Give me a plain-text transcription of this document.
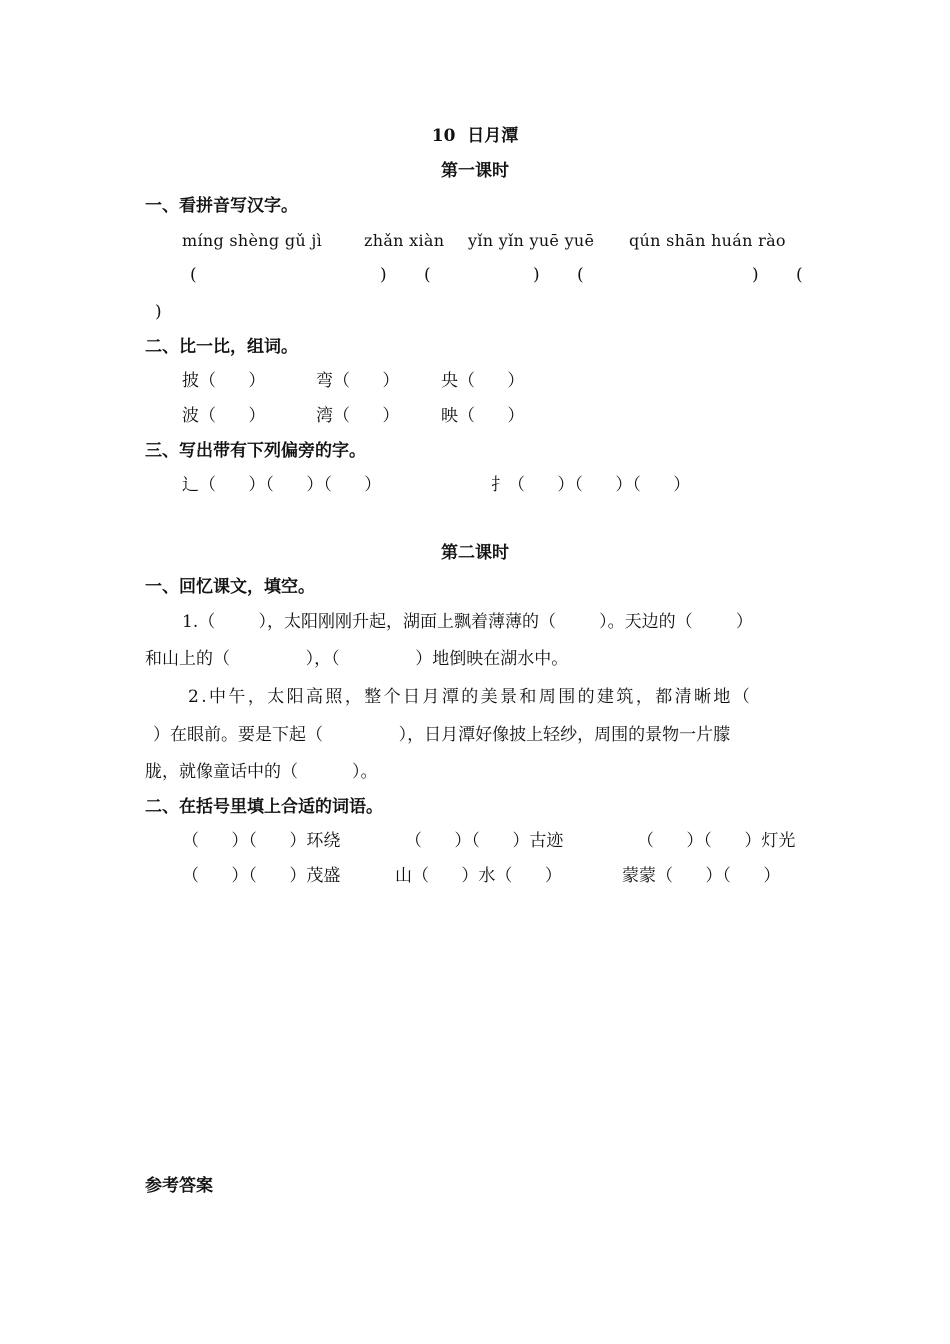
10  日月潭
第一课时
一、看拼音写汉字。
míng shèng gǔ jì	zhǎn xiàn yǐn yǐn yuē yuē qún shān huán rào
(	) (	) (	) (
)
二、比一比，组词。
披（      ）	弯（      ） 央（      ）
波（      ）	湾（      ） 映（      ）
三、写出带有下列偏旁的字。
辶（      ）（      ）（      ）	扌（      ）（      ）（      ）
第二课时
一、回忆课文，填空。
1.（        ），太阳刚刚升起，湖面上飘着薄薄的（        ）。天边的（        ）
和山上的（              ），（              ）地倒映在湖水中。
2.中午，太阳高照，整个日月潭的美景和周围的建筑，都清晰地（
）在眼前。要是下起（              ），日月潭好像披上轻纱，周围的景物一片朦
胧，就像童话中的（          ）。
二、在括号里填上合适的词语。
（      ）（      ）环绕	（      ）（      ）古迹	（      ）（      ）灯光
（      ）（      ）茂盛	山（      ）水（      ）	蒙蒙（      ）（      ）
参考答案
